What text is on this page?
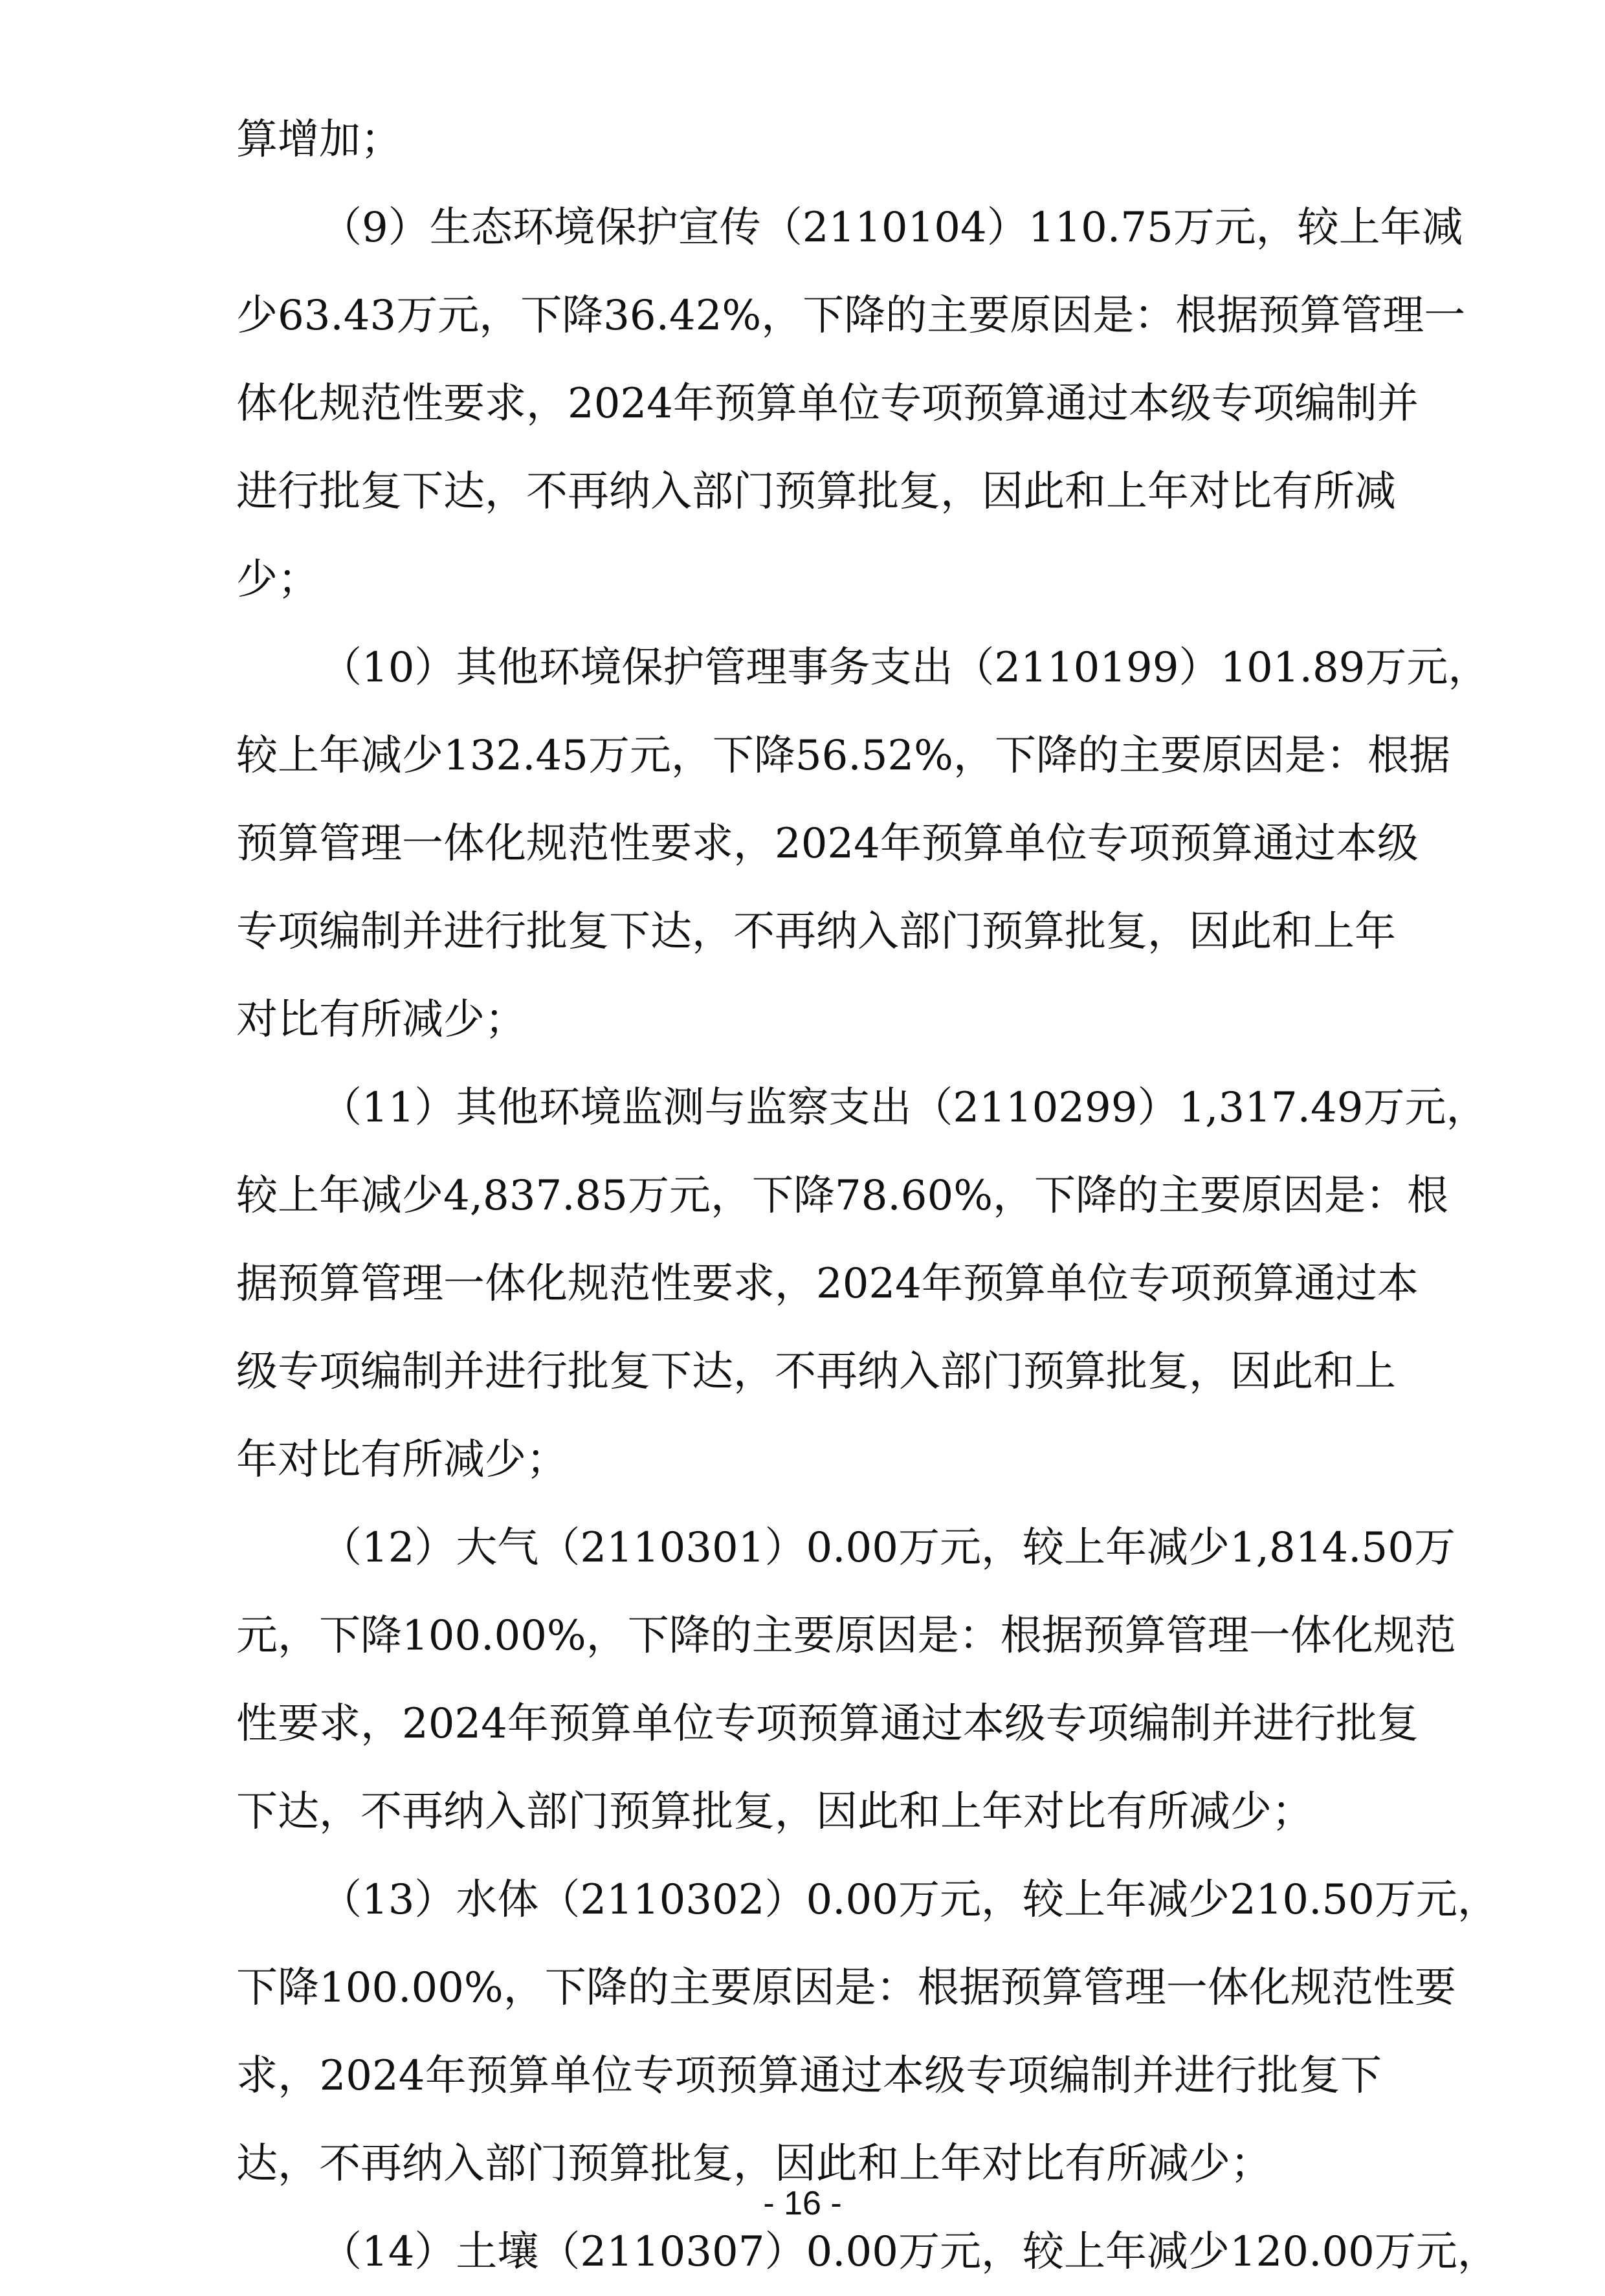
算增加；
（9）生态环境保护宣传（2110104）110.75万元，较上年减
少63.43万元，下降36.42%，下降的主要原因是：根据预算管理一
体化规范性要求，2024年预算单位专项预算通过本级专项编制并
进行批复下达，不再纳入部门预算批复，因此和上年对比有所减
少；
（10）其他环境保护管理事务支出（2110199）101.89万元，
较上年减少132.45万元，下降56.52%，下降的主要原因是：根据
预算管理一体化规范性要求，2024年预算单位专项预算通过本级
专项编制并进行批复下达，不再纳入部门预算批复，因此和上年
对比有所减少；
（11）其他环境监测与监察支出（2110299）1,317.49万元，
较上年减少4,837.85万元，下降78.60%，下降的主要原因是：根
据预算管理一体化规范性要求，2024年预算单位专项预算通过本
级专项编制并进行批复下达，不再纳入部门预算批复，因此和上
年对比有所减少；
（12）大气（2110301）0.00万元，较上年减少1,814.50万
元，下降100.00%，下降的主要原因是：根据预算管理一体化规范
性要求，2024年预算单位专项预算通过本级专项编制并进行批复
下达，不再纳入部门预算批复，因此和上年对比有所减少；
（13）水体（2110302）0.00万元，较上年减少210.50万元，
下降100.00%，下降的主要原因是：根据预算管理一体化规范性要
求，2024年预算单位专项预算通过本级专项编制并进行批复下
达，不再纳入部门预算批复，因此和上年对比有所减少；
（14）土壤（2110307）0.00万元，较上年减少120.00万元，
- 16 -
